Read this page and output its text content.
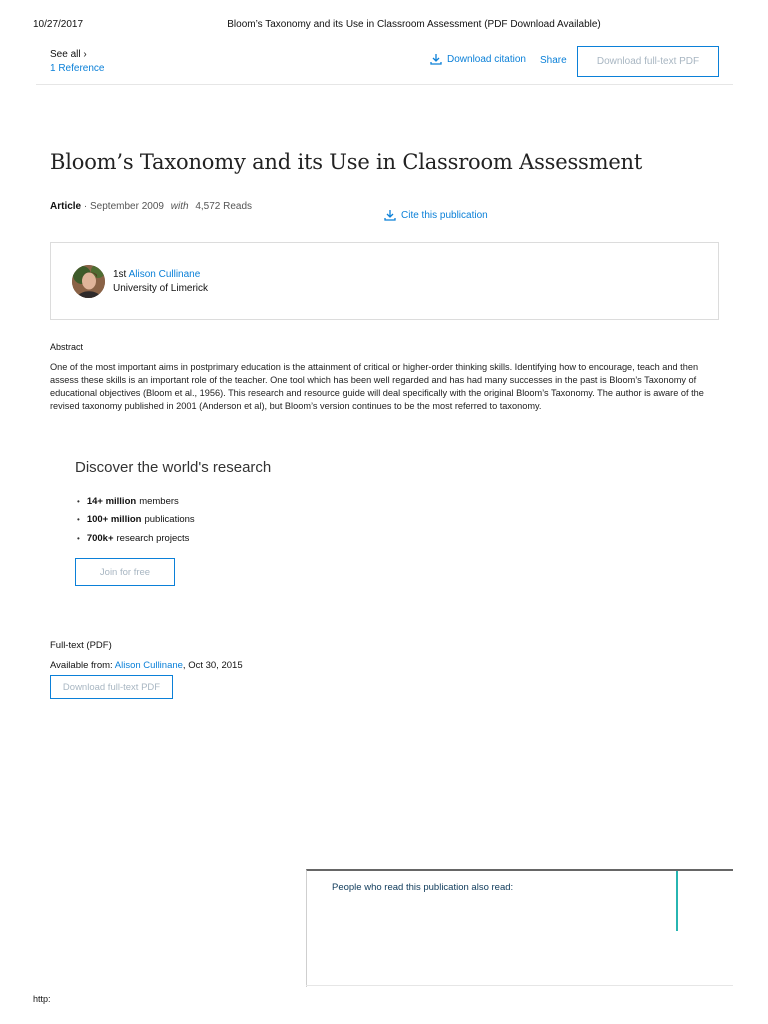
10/27/2017	Bloom’s Taxonomy and its Use in Classroom Assessment (PDF Download Available)
See all ›
1 Reference
Download citation Share	Download full-text PDF
Bloom’s Taxonomy and its Use in Classroom Assessment
Article · September 2009 with 4,572 Reads
Cite this publication
1st Alison Cullinane
University of Limerick
Abstract

One of the most important aims in postprimary education is the attainment of critical or higher-order thinking skills. Identifying how to encourage, teach and then assess these skills is an important role of the teacher. One tool which has been well regarded and has had many successes in the past is Bloom’s Taxonomy of educational objectives (Bloom et al., 1956). This research and resource guide will deal specifically with the original Bloom’s Taxonomy. The author is aware of the revised taxonomy published in 2001 (Anderson et al), but Bloom’s version continues to be the most referred to taxonomy.

Discover the world's research
• 14+ million members
• 100+ million publications
• 700k+ research projects
Join for free
Full-text (PDF)
Available from: Alison Cullinane, Oct 30, 2015
Download full-text PDF
People who read this publication also read:
http:
